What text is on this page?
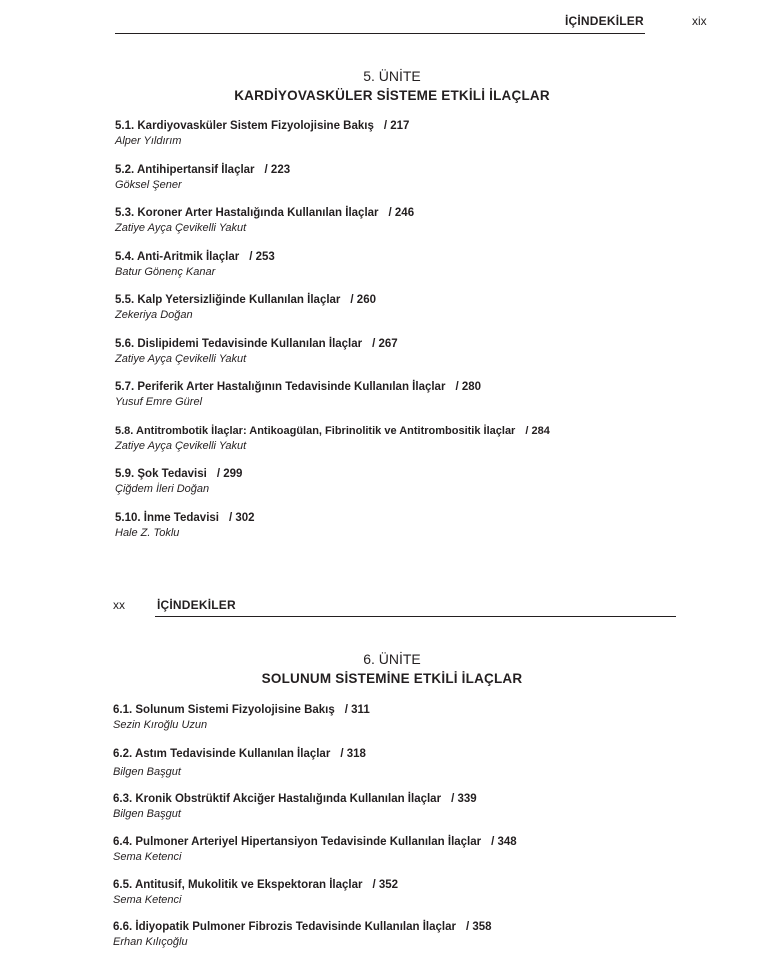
İÇİNDEKİLER	xix
5. ÜNİTE
KARDİYOVASKÜLER SİSTEME ETKİLİ İLAÇLAR
5.1. Kardiyovasküler Sistem Fizyolojisine Bakış / 217
Alper Yıldırım
5.2. Antihipertansif İlaçlar / 223
Göksel Şener
5.3. Koroner Arter Hastalığında Kullanılan İlaçlar / 246
Zatiye Ayça Çevikelli Yakut
5.4. Anti-Aritmik İlaçlar / 253
Batur Gönenç Kanar
5.5. Kalp Yetersizliğinde Kullanılan İlaçlar / 260
Zekeriya Doğan
5.6. Dislipidemi Tedavisinde Kullanılan İlaçlar / 267
Zatiye Ayça Çevikelli Yakut
5.7. Periferik Arter Hastalığının Tedavisinde Kullanılan İlaçlar / 280
Yusuf Emre Gürel
5.8. Antitrombotik İlaçlar: Antikoagülan, Fibrinolitik ve Antitrombositik İlaçlar / 284
Zatiye Ayça Çevikelli Yakut
5.9. Şok Tedavisi / 299
Çiğdem İleri Doğan
5.10. İnme Tedavisi / 302
Hale Z. Toklu
xx	İÇİNDEKİLER
6. ÜNİTE
SOLUNUM SİSTEMİNE ETKİLİ İLAÇLAR
6.1. Solunum Sistemi Fizyolojisine Bakış / 311
Sezin Kıroğlu Uzun
6.2. Astım Tedavisinde Kullanılan İlaçlar / 318
Bilgen Başgut
6.3. Kronik Obstrüktif Akciğer Hastalığında Kullanılan İlaçlar / 339
Bilgen Başgut
6.4. Pulmoner Arteriyel Hipertansiyon Tedavisinde Kullanılan İlaçlar / 348
Sema Ketenci
6.5. Antitusif, Mukolitik ve Ekspektoran İlaçlar / 352
Sema Ketenci
6.6. İdiyopatik Pulmoner Fibrozis Tedavisinde Kullanılan İlaçlar / 358
Erhan Kılıçoğlu
